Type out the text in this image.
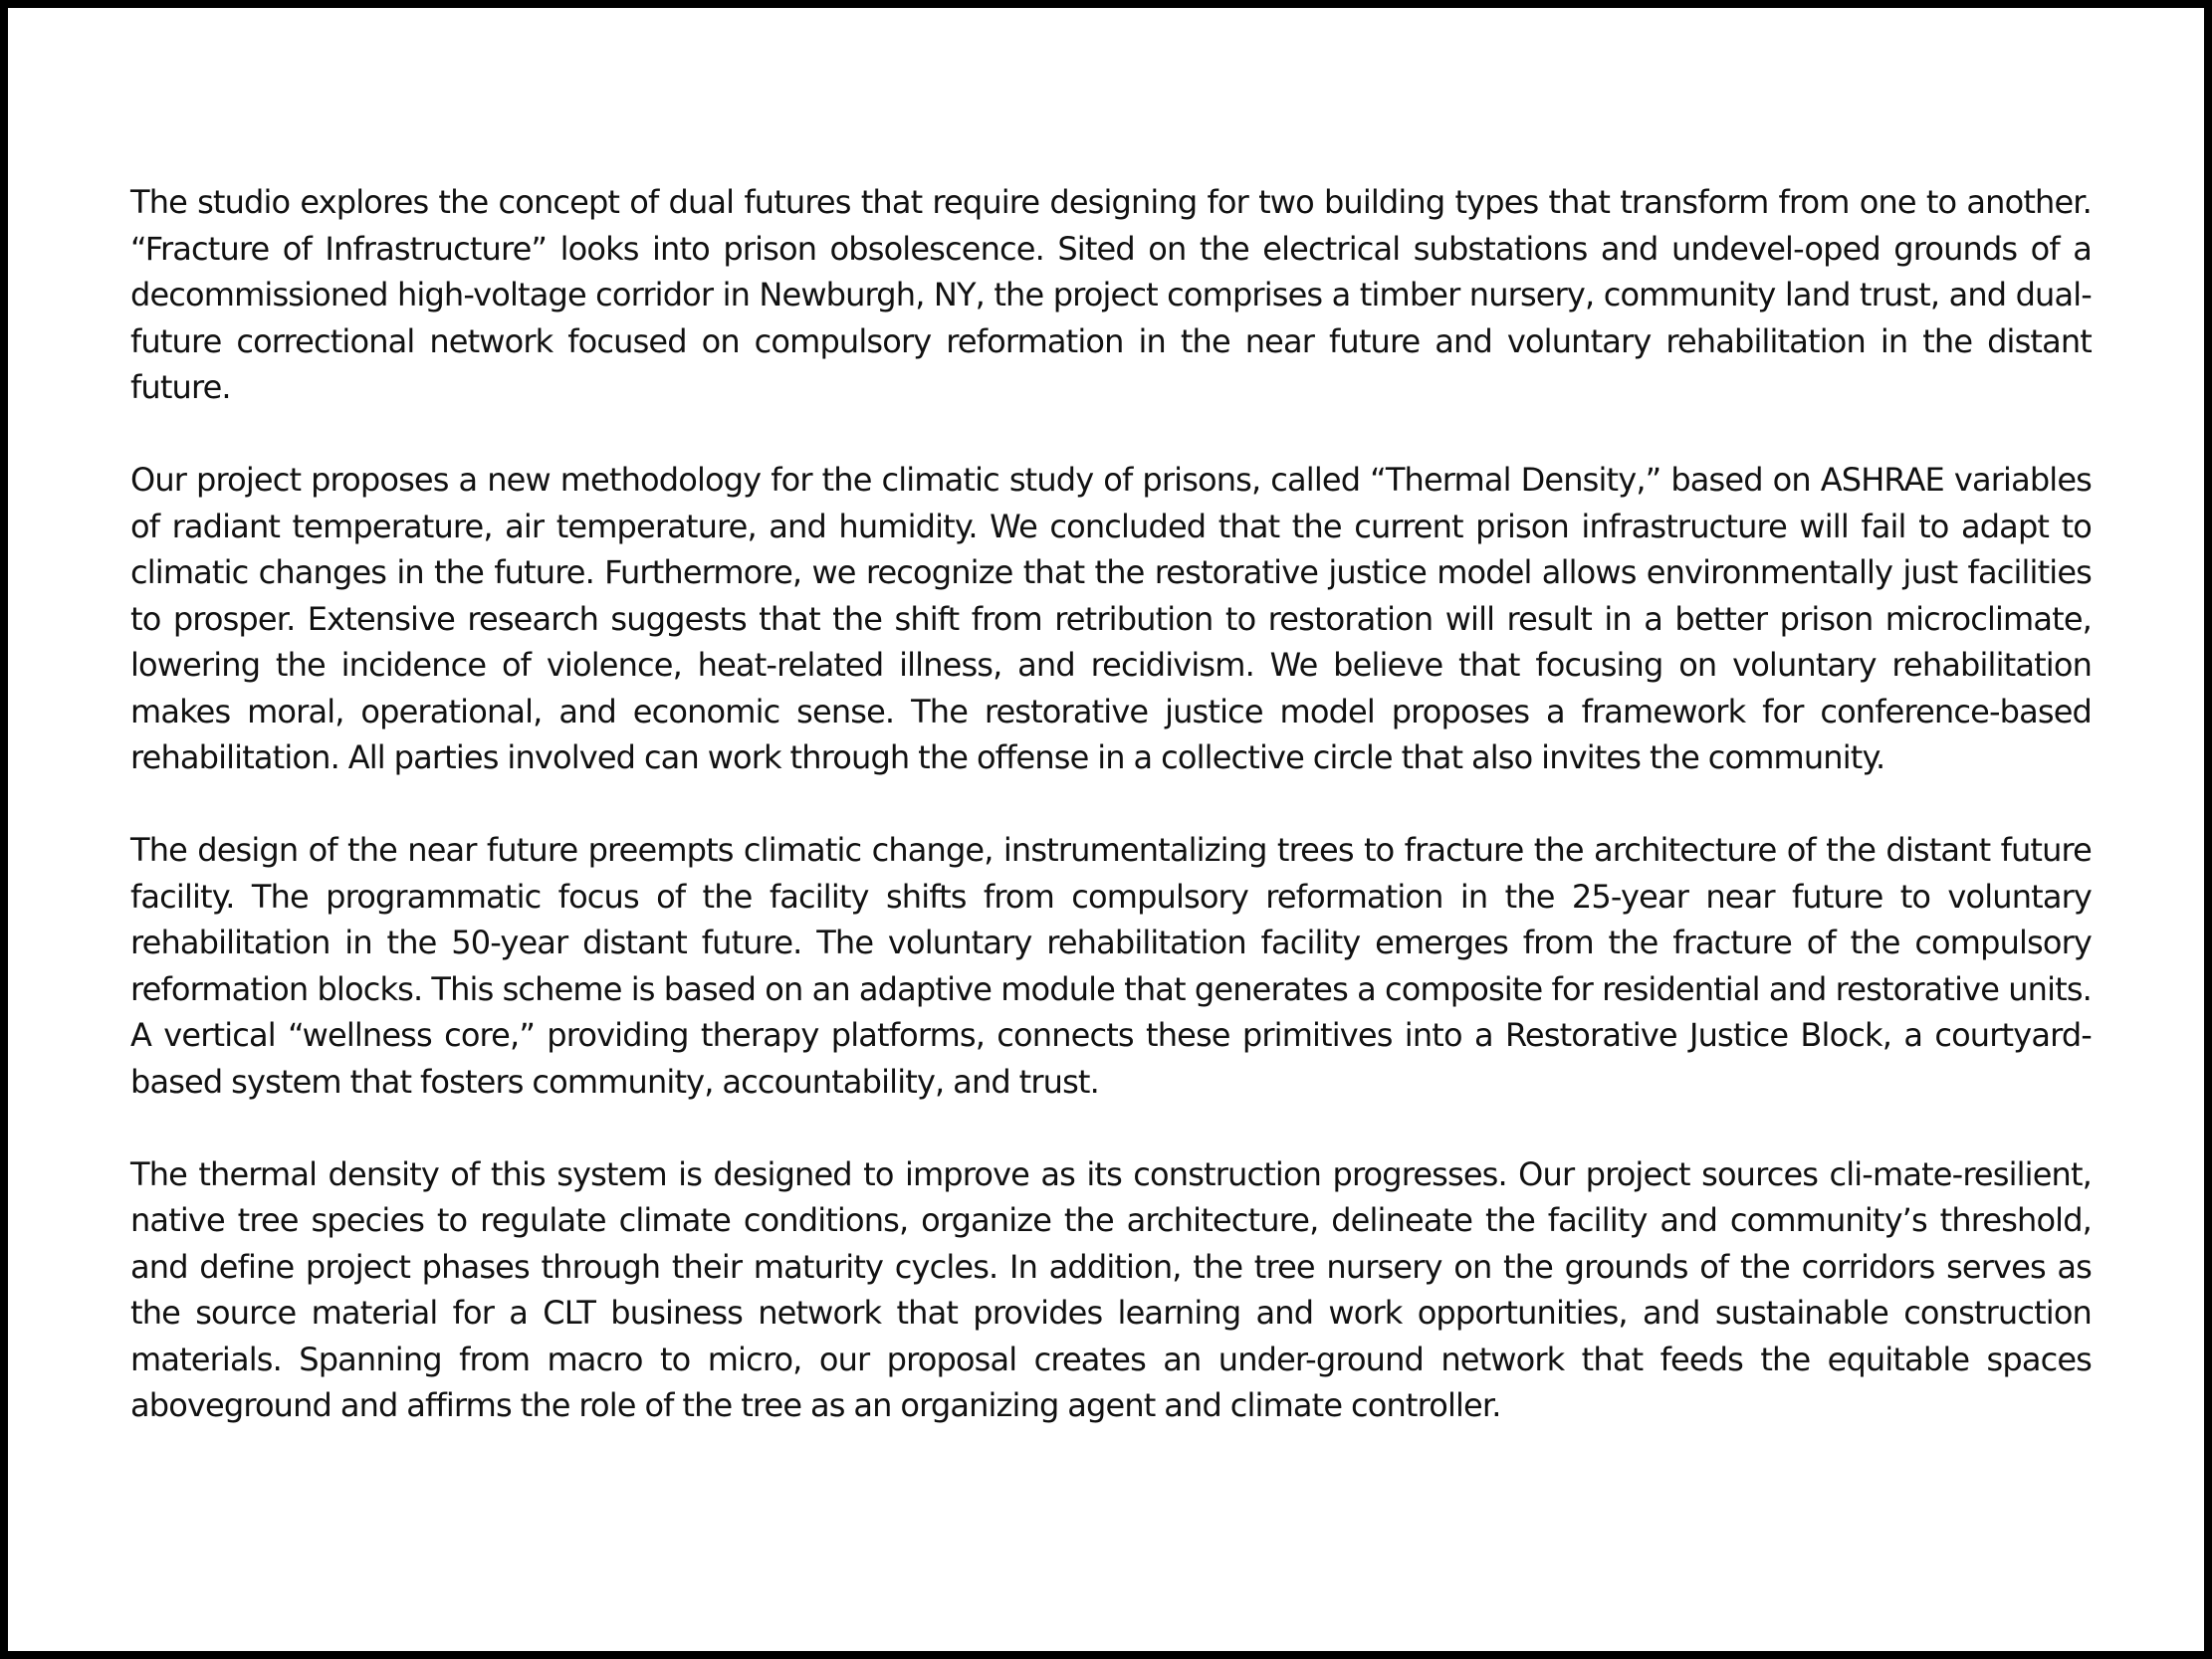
The studio explores the concept of dual futures that require designing for two building types that transform from one to another. “Fracture of Infrastructure” looks into prison obsolescence. Sited on the electrical substations and undevel-oped grounds of a decommissioned high-voltage corridor in Newburgh, NY, the project comprises a timber nursery, community land trust, and dual-future correctional network focused on compulsory reformation in the near future and voluntary rehabilitation in the distant future.

Our project proposes a new methodology for the climatic study of prisons, called “Thermal Density,” based on ASHRAE variables of radiant temperature, air temperature, and humidity. We concluded that the current prison infrastructure will fail to adapt to climatic changes in the future. Furthermore, we recognize that the restorative justice model allows environmentally just facilities to prosper. Extensive research suggests that the shift from retribution to restoration will result in a better prison microclimate, lowering the incidence of violence, heat-related illness, and recidivism. We believe that focusing on voluntary rehabilitation makes moral, operational, and economic sense. The restorative justice model proposes a framework for conference-based rehabilitation. All parties involved can work through the offense in a collective circle that also invites the community.

The design of the near future preempts climatic change, instrumentalizing trees to fracture the architecture of the distant future facility. The programmatic focus of the facility shifts from compulsory reformation in the 25-year near future to voluntary rehabilitation in the 50-year distant future. The voluntary rehabilitation facility emerges from the fracture of the compulsory reformation blocks. This scheme is based on an adaptive module that generates a composite for residential and restorative units. A vertical “wellness core,” providing therapy platforms, connects these primitives into a Restorative Justice Block, a courtyard-based system that fosters community, accountability, and trust.

The thermal density of this system is designed to improve as its construction progresses. Our project sources cli-mate-resilient, native tree species to regulate climate conditions, organize the architecture, delineate the facility and community’s threshold, and define project phases through their maturity cycles. In addition, the tree nursery on the grounds of the corridors serves as the source material for a CLT business network that provides learning and work opportunities, and sustainable construction materials. Spanning from macro to micro, our proposal creates an under-ground network that feeds the equitable spaces aboveground and affirms the role of the tree as an organizing agent and climate controller.
